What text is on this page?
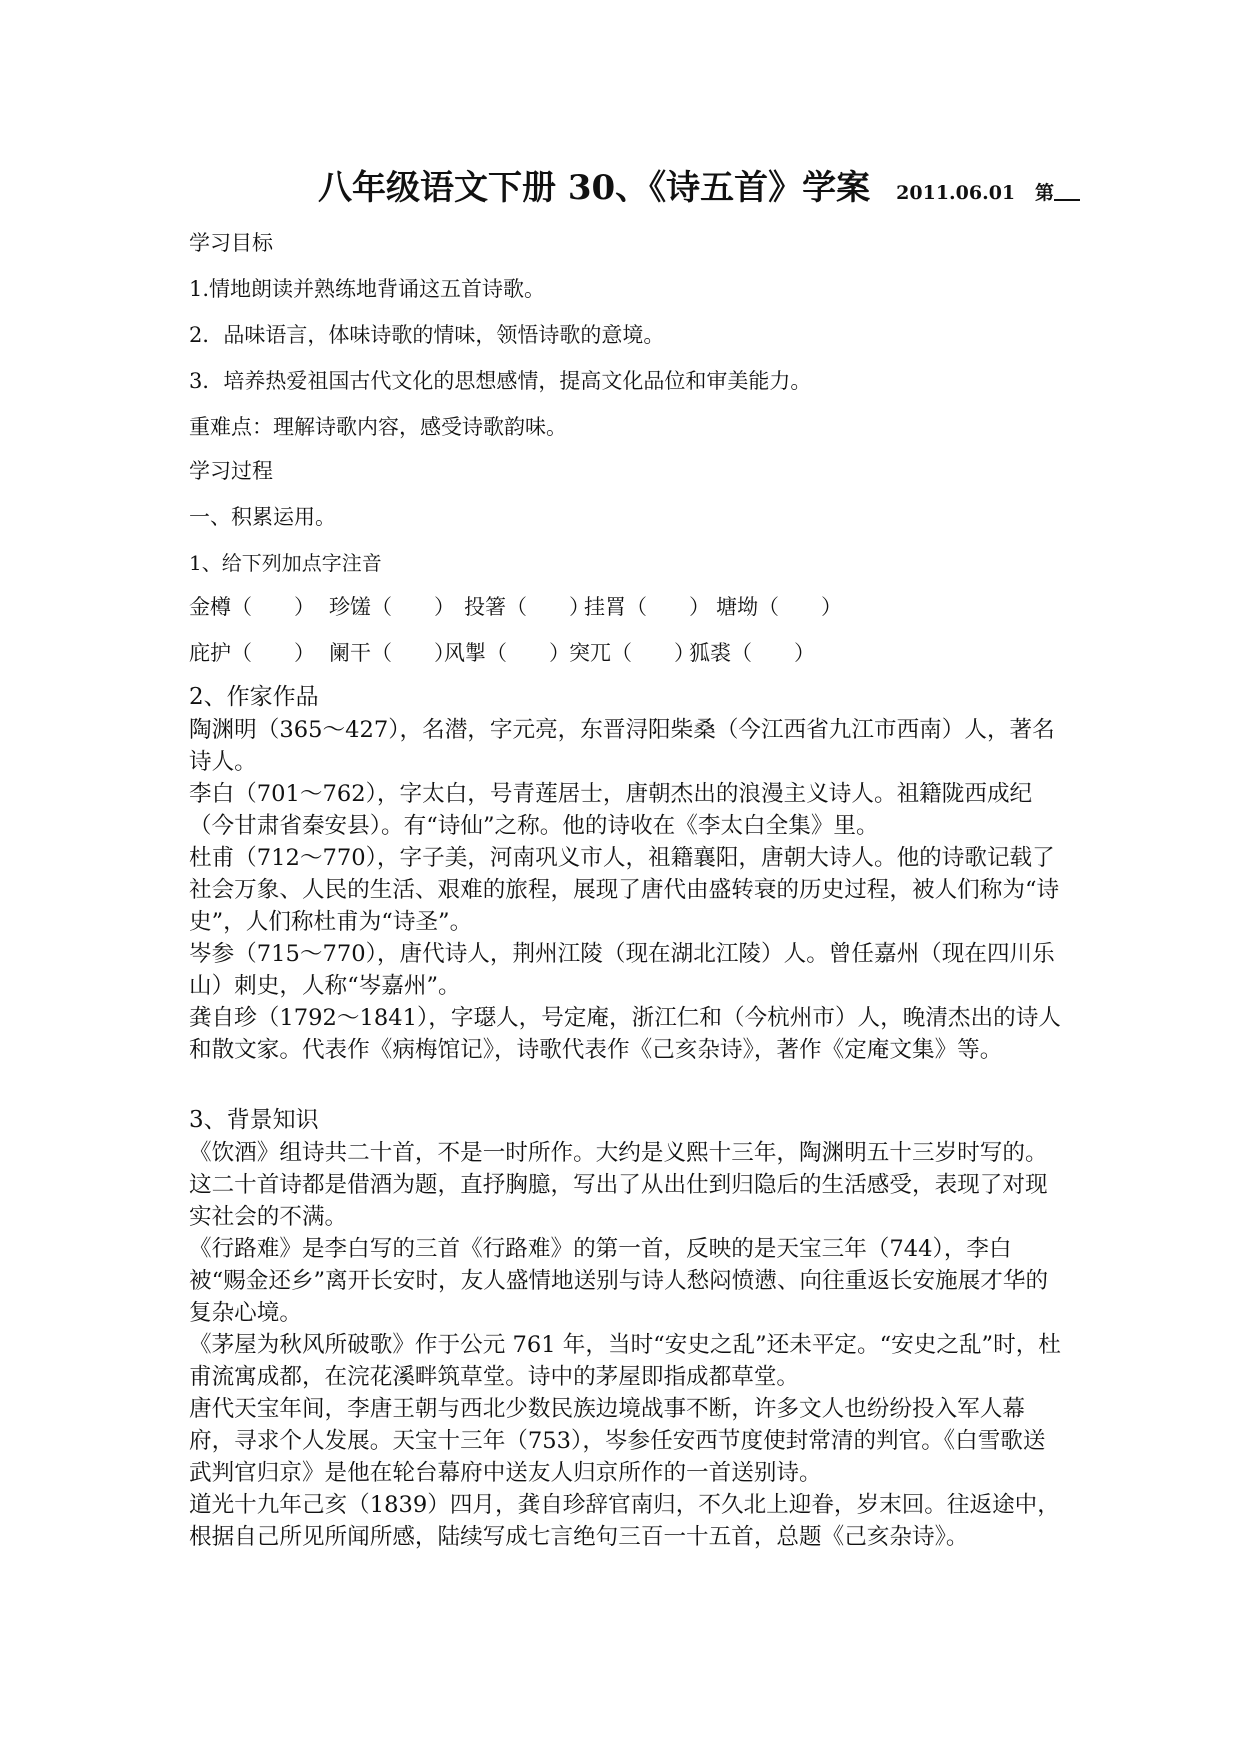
八年级语文下册 30、《诗五首》学案 2011.06.01 第
学习目标
1.情地朗读并熟练地背诵这五首诗歌。
2．品味语言，体味诗歌的情味，领悟诗歌的意境。
3．培养热爱祖国古代文化的思想感情，提高文化品位和审美能力。
重难点：理解诗歌内容，感受诗歌韵味。
学习过程
一、积累运用。
1、给下列加点字注音
金樽（　　） 珍馐（　　） 投箸（　　）挂罥（　　） 塘坳（　　）
庇护（　　） 阑干（　　）风掣（　　）突兀（　　）狐裘（　　）
2、作家作品

陶渊明（365～427），名潜，字元亮，东晋浔阳柴桑（今江西省九江市西南）人，著名诗人。

李白（701～762），字太白，号青莲居士，唐朝杰出的浪漫主义诗人。祖籍陇西成纪（今甘肃省秦安县）。有“诗仙”之称。他的诗收在《李太白全集》里。

杜甫（712～770），字子美，河南巩义市人，祖籍襄阳，唐朝大诗人。他的诗歌记载了社会万象、人民的生活、艰难的旅程，展现了唐代由盛转衰的历史过程，被人们称为“诗史”，人们称杜甫为“诗圣”。

岑参（715～770），唐代诗人，荆州江陵（现在湖北江陵）人。曾任嘉州（现在四川乐山）刺史，人称“岑嘉州”。

龚自珍（1792～1841），字璱人，号定庵，浙江仁和（今杭州市）人，晚清杰出的诗人和散文家。代表作《病梅馆记》，诗歌代表作《己亥杂诗》，著作《定庵文集》等。

3、背景知识

《饮酒》组诗共二十首，不是一时所作。大约是义熙十三年，陶渊明五十三岁时写的。这二十首诗都是借酒为题，直抒胸臆，写出了从出仕到归隐后的生活感受，表现了对现实社会的不满。

《行路难》是李白写的三首《行路难》的第一首，反映的是天宝三年（744），李白被“赐金还乡”离开长安时，友人盛情地送别与诗人愁闷愤懑、向往重返长安施展才华的复杂心境。

《茅屋为秋风所破歌》作于公元 761 年，当时“安史之乱”还未平定。“安史之乱”时，杜甫流寓成都，在浣花溪畔筑草堂。诗中的茅屋即指成都草堂。

唐代天宝年间，李唐王朝与西北少数民族边境战事不断，许多文人也纷纷投入军人幕府，寻求个人发展。天宝十三年（753），岑参任安西节度使封常清的判官。《白雪歌送武判官归京》是他在轮台幕府中送友人归京所作的一首送别诗。

道光十九年己亥（1839）四月，龚自珍辞官南归，不久北上迎眷，岁末回。往返途中，根据自己所见所闻所感，陆续写成七言绝句三百一十五首，总题《己亥杂诗》。
